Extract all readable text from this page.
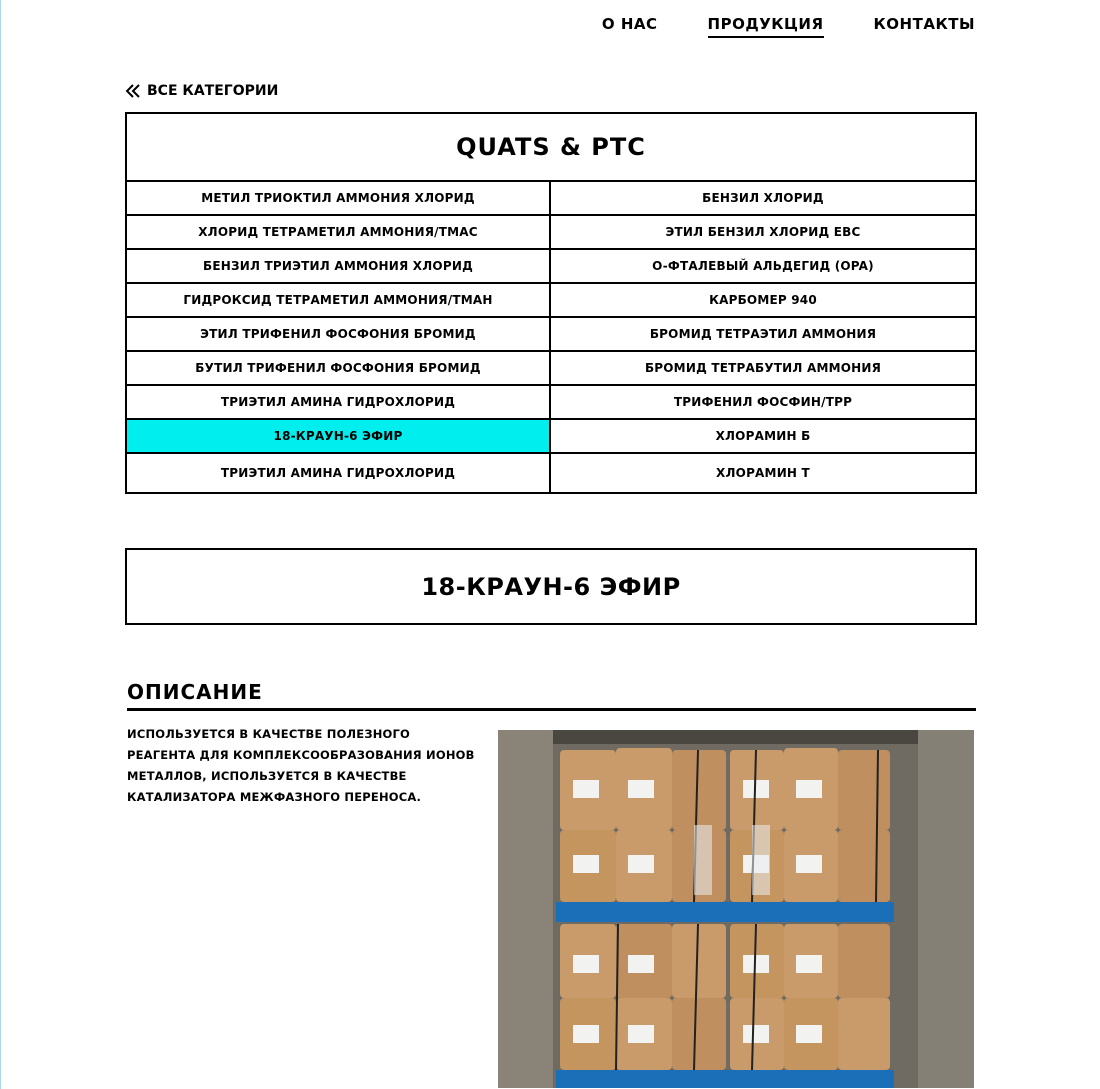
О НАС	ПРОДУКЦИЯ	КОНТАКТЫ
ВСЕ КАТЕГОРИИ
QUATS & PTC
МЕТИЛ ТРИОКТИЛ АММОНИЯ ХЛОРИД	БЕНЗИЛ ХЛОРИД
ХЛОРИД ТЕТРАМЕТИЛ АММОНИЯ/TMAC	ЭТИЛ БЕНЗИЛ ХЛОРИД EBC
БЕНЗИЛ ТРИЭТИЛ АММОНИЯ ХЛОРИД	O-ФТАЛЕВЫЙ АЛЬДЕГИД (OPA)
ГИДРОКСИД ТЕТРАМЕТИЛ АММОНИЯ/TMAH	КАРБОМЕР 940
ЭТИЛ ТРИФЕНИЛ ФОСФОНИЯ БРОМИД	БРОМИД ТЕТРАЭТИЛ АММОНИЯ
БУТИЛ ТРИФЕНИЛ ФОСФОНИЯ БРОМИД	БРОМИД ТЕТРАБУТИЛ АММОНИЯ
ТРИЭТИЛ АМИНА ГИДРОХЛОРИД	ТРИФЕНИЛ ФОСФИН/TPP
18-КРАУН-6 ЭФИР	ХЛОРАМИН Б
ТРИЭТИЛ АМИНА ГИДРОХЛОРИД	ХЛОРАМИН Т
18-КРАУН-6 ЭФИР
ОПИСАНИЕ
ИСПОЛЬЗУЕТСЯ В КАЧЕСТВЕ ПОЛЕЗНОГО РЕАГЕНТА ДЛЯ КОМПЛЕКСООБРАЗОВАНИЯ ИОНОВ МЕТАЛЛОВ, ИСПОЛЬЗУЕТСЯ В КАЧЕСТВЕ КАТАЛИЗАТОРА МЕЖФАЗНОГО ПЕРЕНОСА.
